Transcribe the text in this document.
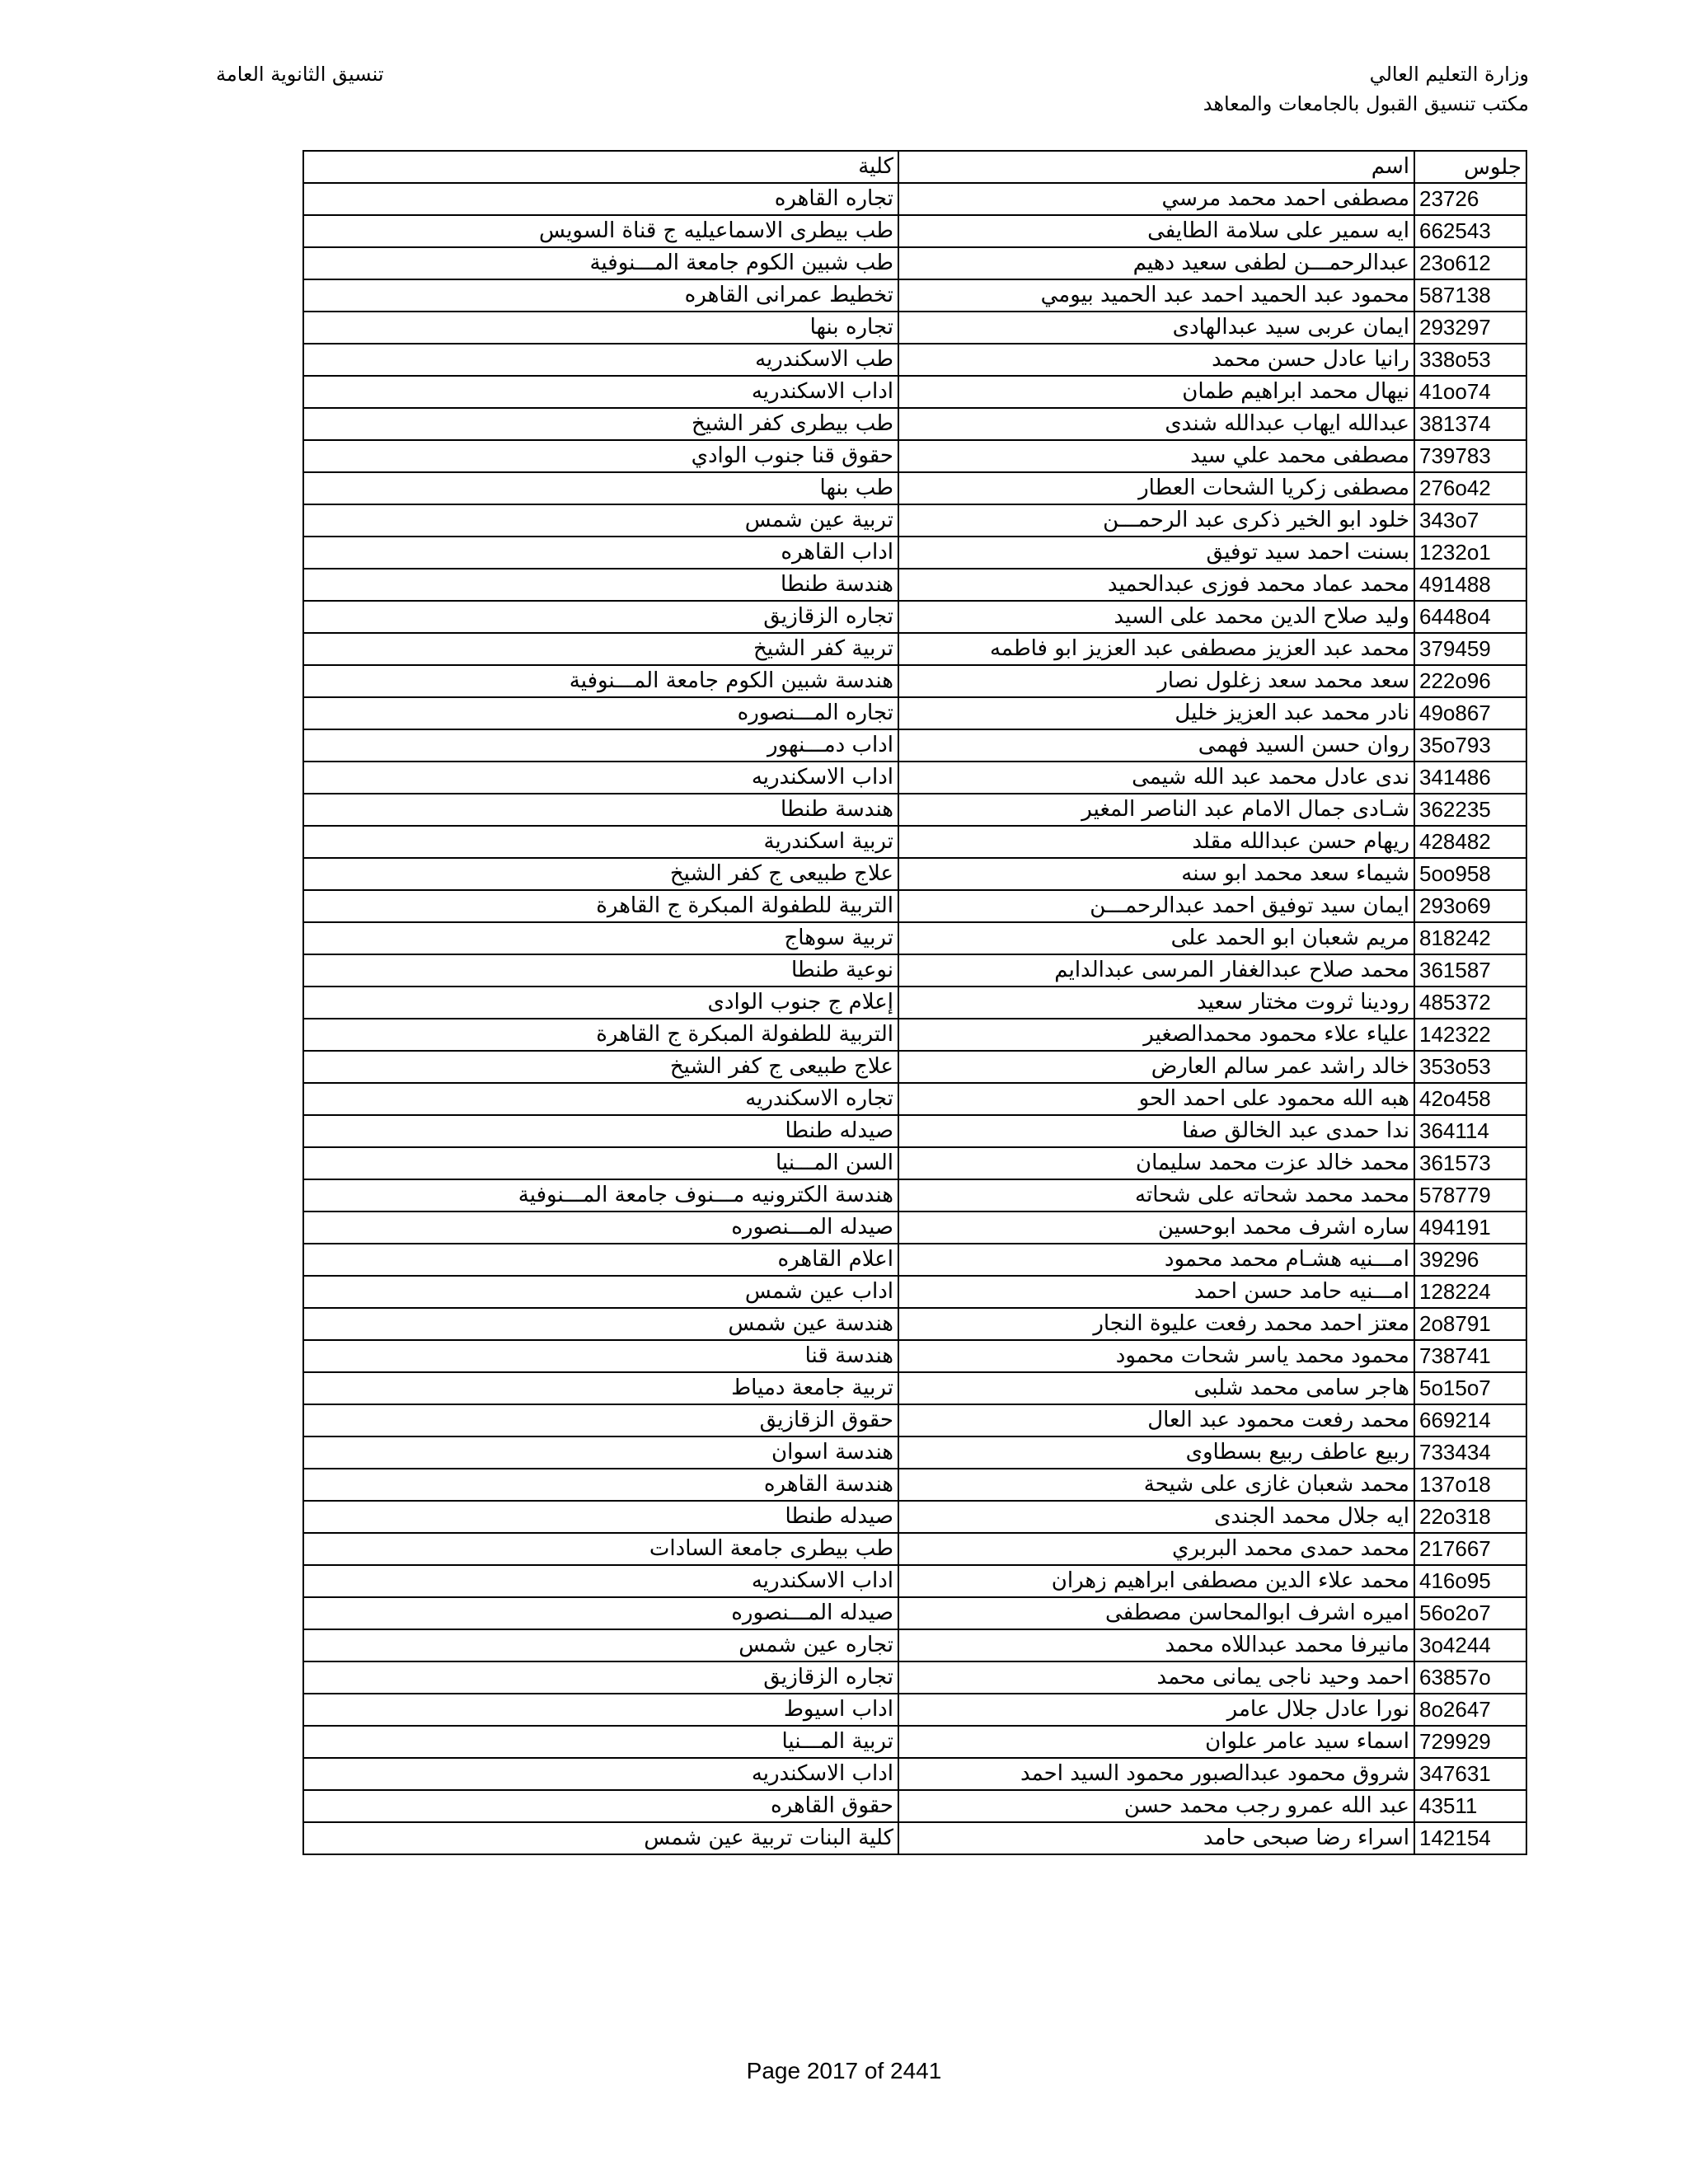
وزارة التعليم العالي
مكتب تنسيق القبول بالجامعات والمعاهد
تنسيق الثانوية العامة
جلوس	اسم	كلية
23726	مصطفى احمد محمد مرسي	تجاره القاهره
662543	ايه سمير على سلامة الطايفى	طب بيطرى الاسماعيليه ج قناة السويس
23o612	عبدالرحمـــن لطفى سعيد دهيم	طب شبين الكوم جامعة المـــنوفية
587138	محمود عبد الحميد احمد عبد الحميد بيومي	تخطيط عمرانى القاهره
293297	ايمان عربى سيد عبدالهادى	تجاره بنها
338o53	رانيا عادل حسن محمد	طب الاسكندريه
41oo74	نيهال محمد ابراهيم طمان	اداب الاسكندريه
381374	عبدالله ايهاب عبدالله شندى	طب بيطرى كفر الشيخ
739783	مصطفى محمد علي سيد	حقوق قنا جنوب الوادي
276o42	مصطفى زكريا الشحات العطار	طب بنها
343o7	خلود ابو الخير ذكرى عبد الرحمـــن	تربية عين شمس
1232o1	بسنت احمد سيد توفيق	اداب القاهره
491488	محمد عماد محمد فوزى عبدالحميد	هندسة طنطا
6448o4	وليد صلاح الدين محمد على السيد	تجاره الزقازيق
379459	محمد عبد العزيز مصطفى عبد العزيز ابو فاطمه	تربية كفر الشيخ
222o96	سعد محمد سعد زغلول نصار	هندسة شبين الكوم جامعة المـــنوفية
49o867	نادر محمد عبد العزيز خليل	تجاره المـــنصوره
35o793	روان حسن السيد فهمى	اداب دمـــنهور
341486	ندى عادل محمد عبد الله شيمى	اداب الاسكندريه
362235	شـادى جمال الامام عبد الناصر المغير	هندسة طنطا
428482	ريهام حسن عبدالله مقلد	تربية اسكندرية
5oo958	شيماء سعد محمد ابو سنه	علاج طبيعى ج كفر الشيخ
293o69	ايمان سيد توفيق احمد عبدالرحمـــن	التربية للطفولة المبكرة ج القاهرة
818242	مريم شعبان ابو الحمد على	تربية سوهاج
361587	محمد صلاح عبدالغفار المرسى عبدالدايم	نوعية طنطا
485372	رودينا ثروت مختار سعيد	إعلام ج جنوب الوادى
142322	علياء علاء محمود محمدالصغير	التربية للطفولة المبكرة ج القاهرة
353o53	خالد راشد عمر سالم العارض	علاج طبيعى ج كفر الشيخ
42o458	هبه الله محمود على احمد الحو	تجاره الاسكندريه
364114	ندا حمدى عبد الخالق صفا	صيدله طنطا
361573	محمد خالد عزت محمد سليمان	السن المـــنيا
578779	محمد محمد شحاته على شحاته	هندسة الكترونيه مـــنوف جامعة المـــنوفية
494191	ساره اشرف محمد ابوحسين	صيدله المـــنصوره
39296	امـــنيه هشـام محمد محمود	اعلام القاهره
128224	امـــنيه حامد حسن احمد	اداب عين شمس
2o8791	معتز احمد محمد رفعت عليوة النجار	هندسة عين شمس
738741	محمود محمد ياسر شحات محمود	هندسة قنا
5o15o7	هاجر سامى محمد شلبى	تربية جامعة دمياط
669214	محمد رفعت محمود عبد العال	حقوق الزقازيق
733434	ربيع عاطف ربيع بسطاوى	هندسة اسوان
137o18	محمد شعبان غازى على شيحة	هندسة القاهره
22o318	ايه جلال محمد الجندى	صيدله طنطا
217667	محمد حمدى محمد البربري	طب بيطرى جامعة السادات
416o95	محمد علاء الدين مصطفى ابراهيم زهران	اداب الاسكندريه
56o2o7	اميره اشرف ابوالمحاسن مصطفى	صيدله المـــنصوره
3o4244	مانيرفا محمد عبداللاه محمد	تجاره عين شمس
63857o	احمد وحيد ناجى يمانى محمد	تجاره الزقازيق
8o2647	نورا عادل جلال عامر	اداب اسيوط
729929	اسماء سيد عامر علوان	تربية المـــنيا
347631	شروق محمود عبدالصبور محمود السيد احمد	اداب الاسكندريه
43511	عبد الله عمرو رجب محمد حسن	حقوق القاهره
142154	اسراء رضا صبحى حامد	كلية البنات تربية عين شمس
Page 2017 of 2441
